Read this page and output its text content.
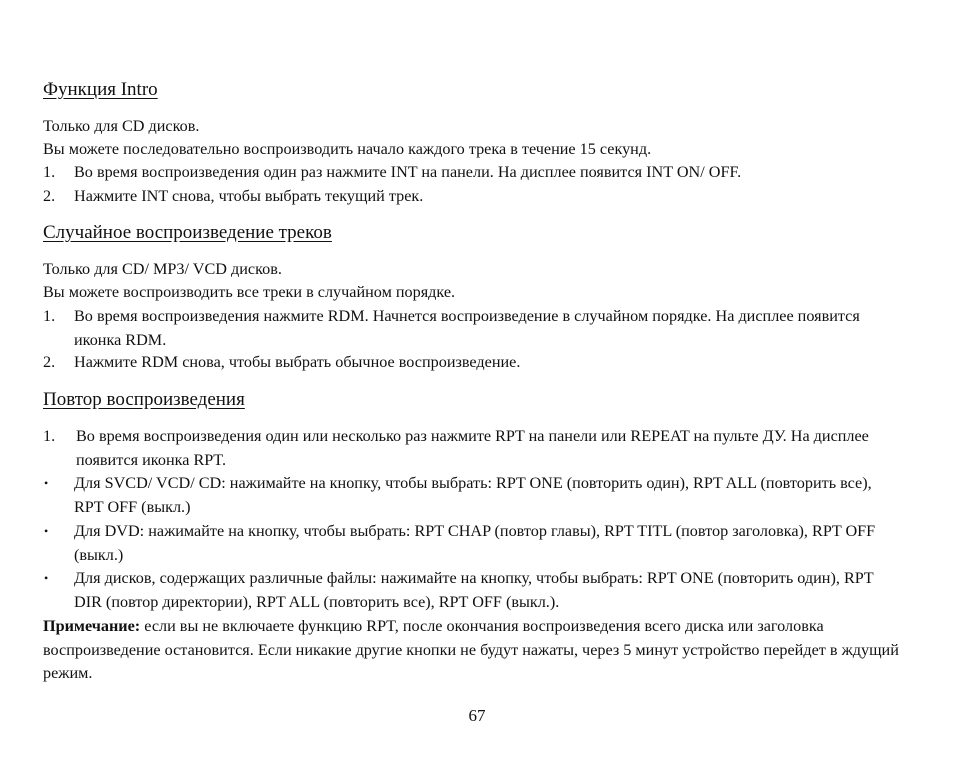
Функция Intro
Только для CD дисков.
Вы можете последовательно воспроизводить начало каждого трека в течение 15 секунд.
1. Во время воспроизведения один раз нажмите INT на панели. На дисплее появится INT ON/ OFF.
2. Нажмите INT снова, чтобы выбрать текущий трек.
Случайное воспроизведение треков
Только для CD/ MP3/ VCD дисков.
Вы можете воспроизводить все треки в случайном порядке.
1. Во время воспроизведения нажмите RDM. Начнется воспроизведение в случайном порядке. На дисплее появится иконка RDM.
2. Нажмите RDM снова, чтобы выбрать обычное воспроизведение.
Повтор воспроизведения
1. Во время воспроизведения один или несколько раз нажмите RPT на панели или REPEAT на пульте ДУ. На дисплее появится иконка RPT.
• Для SVCD/ VCD/ CD: нажимайте на кнопку, чтобы выбрать: RPT ONE (повторить один), RPT ALL (повторить все), RPT OFF (выкл.)
• Для DVD: нажимайте на кнопку, чтобы выбрать: RPT CHAP (повтор главы), RPT TITL (повтор заголовка), RPT OFF (выкл.)
• Для дисков, содержащих различные файлы: нажимайте на кнопку, чтобы выбрать: RPT ONE (повторить один), RPT DIR (повтор директории), RPT ALL (повторить все), RPT OFF (выкл.).
Примечание: если вы не включаете функцию RPT, после окончания воспроизведения всего диска или заголовка воспроизведение остановится. Если никакие другие кнопки не будут нажаты, через 5 минут устройство перейдет в ждущий режим.
67
